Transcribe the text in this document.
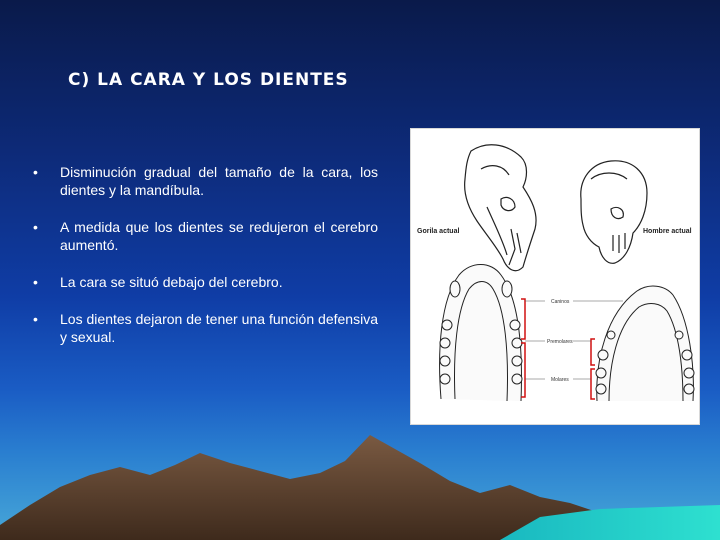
C) LA CARA Y LOS DIENTES
• Disminución gradual del tamaño de la cara, los dientes y la mandíbula.
• A medida que los dientes se redujeron el cerebro aumentó.
• La cara se situó debajo del cerebro.
• Los dientes dejaron de tener una función defensiva y sexual.
Gorila actual	Hombre actual
Caninos
Premolares
Molares
